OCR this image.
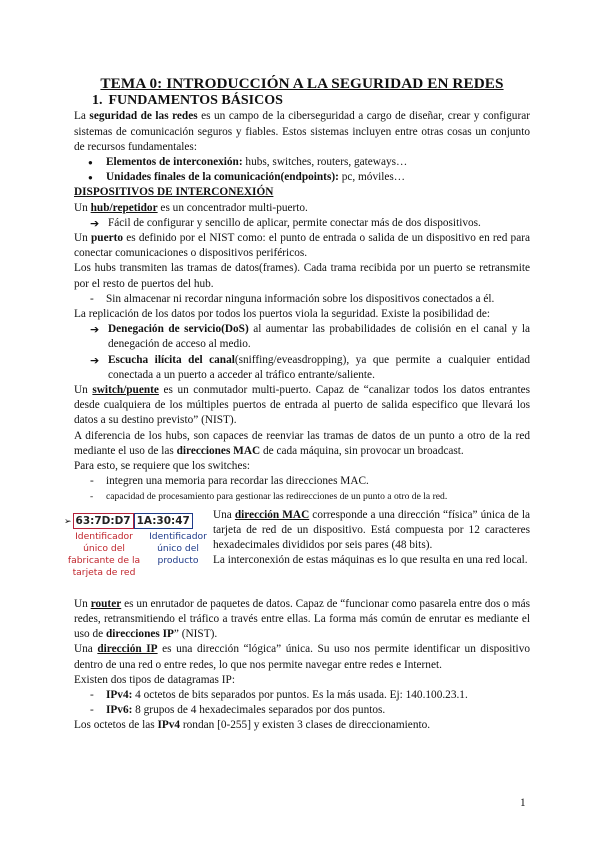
TEMA 0: INTRODUCCIÓN A LA SEGURIDAD EN REDES
1. FUNDAMENTOS BÁSICOS

La seguridad de las redes es un campo de la ciberseguridad a cargo de diseñar, crear y configurar sistemas de comunicación seguros y fiables. Estos sistemas incluyen entre otras cosas un conjunto de recursos fundamentales:

● Elementos de interconexión: hubs, switches, routers, gateways…
● Unidades finales de la comunicación(endpoints): pc, móviles…
DISPOSITIVOS DE INTERCONEXIÓN

Un hub/repetidor es un concentrador multi-puerto.

➔ Fácil de configurar y sencillo de aplicar, permite conectar más de dos dispositivos.

Un puerto es definido por el NIST como: el punto de entrada o salida de un dispositivo en red para conectar comunicaciones o dispositivos periféricos.

Los hubs transmiten las tramas de datos(frames). Cada trama recibida por un puerto se retransmite por el resto de puertos del hub.

- Sin almacenar ni recordar ninguna información sobre los dispositivos conectados a él.

La replicación de los datos por todos los puertos viola la seguridad. Existe la posibilidad de:

➔ Denegación de servicio(DoS) al aumentar las probabilidades de colisión en el canal y la denegación de acceso al medio.
➔ Escucha ilícita del canal(sniffing/eveasdropping), ya que permite a cualquier entidad conectada a un puerto a acceder al tráfico entrante/saliente.

Un switch/puente es un conmutador multi-puerto. Capaz de “canalizar todos los datos entrantes desde cualquiera de los múltiples puertos de entrada al puerto de salida especifico que llevará los datos a su destino previsto” (NIST).

A diferencia de los hubs, son capaces de reenviar las tramas de datos de un punto a otro de la red mediante el uso de las direcciones MAC de cada máquina, sin provocar un broadcast.

Para esto, se requiere que los switches:

- integren una memoria para recordar las direcciones MAC.
- capacidad de procesamiento para gestionar las redirecciones de un punto a otro de la red.
➢ 63:7D:D7 1A:30:47
Identificador único del fabricante de la tarjeta de red
Identificador único del producto

Una dirección MAC corresponde a una dirección “física” única de la tarjeta de red de un dispositivo. Está compuesta por 12 caracteres hexadecimales divididos por seis pares (48 bits).

La interconexión de estas máquinas es lo que resulta en una red local.

Un router es un enrutador de paquetes de datos. Capaz de “funcionar como pasarela entre dos o más redes, retransmitiendo el tráfico a través entre ellas. La forma más común de enrutar es mediante el uso de direcciones IP” (NIST).

Una dirección IP es una dirección “lógica” única. Su uso nos permite identificar un dispositivo dentro de una red o entre redes, lo que nos permite navegar entre redes e Internet.

Existen dos tipos de datagramas IP:

- IPv4: 4 octetos de bits separados por puntos. Es la más usada. Ej: 140.100.23.1.
- IPv6: 8 grupos de 4 hexadecimales separados por dos puntos.

Los octetos de las IPv4 rondan [0-255] y existen 3 clases de direccionamiento.

1
